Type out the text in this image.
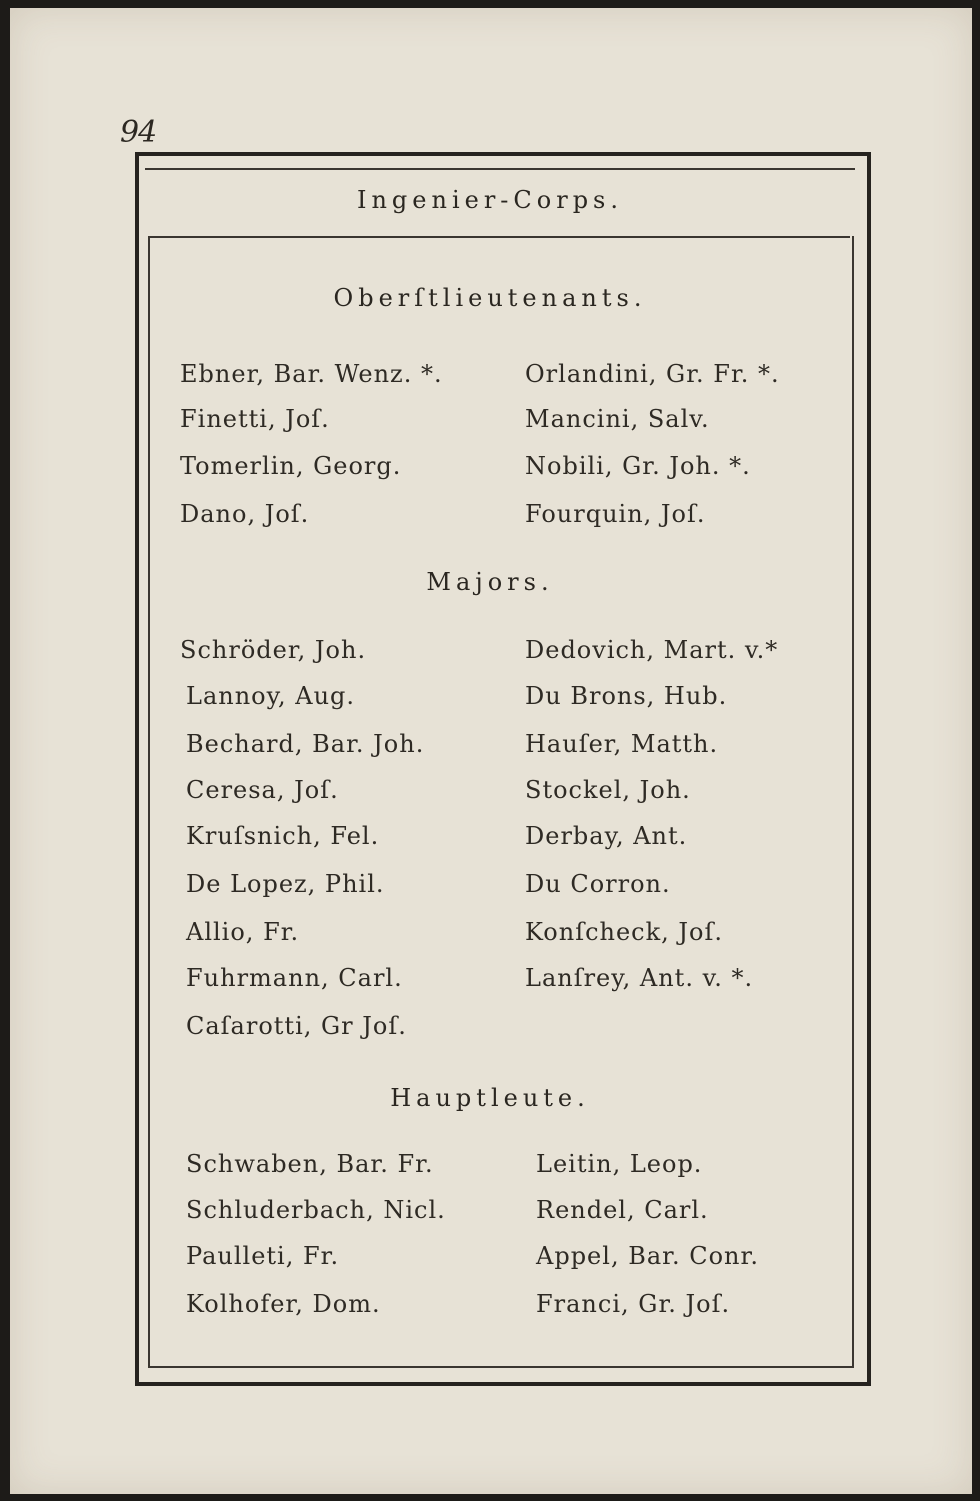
94
Ingenier-Corps.
Oberſtlieutenants.
Ebner, Bar. Wenz. *.
Finetti, Joſ.
Tomerlin, Georg.
Dano, Joſ.
Orlandini, Gr. Fr. *.
Mancini, Salv.
Nobili, Gr. Joh. *.
Fourquin, Joſ.
Majors.
Schröder, Joh.
Lannoy, Aug.
Bechard, Bar. Joh.
Ceresa, Joſ.
Kruſsnich, Fel.
De Lopez, Phil.
Allio, Fr.
Fuhrmann, Carl.
Caſarotti, Gr Joſ.
Dedovich, Mart. v.*
Du Brons, Hub.
Hauſer, Matth.
Stockel, Joh.
Derbay, Ant.
Du Corron.
Konſcheck, Joſ.
Lanſrey, Ant. v. *.
Hauptleute.
Schwaben, Bar. Fr.
Schluderbach, Nicl.
Paulleti, Fr.
Kolhofer, Dom.
Leitin, Leop.
Rendel, Carl.
Appel, Bar. Conr.
Franci, Gr. Joſ.
